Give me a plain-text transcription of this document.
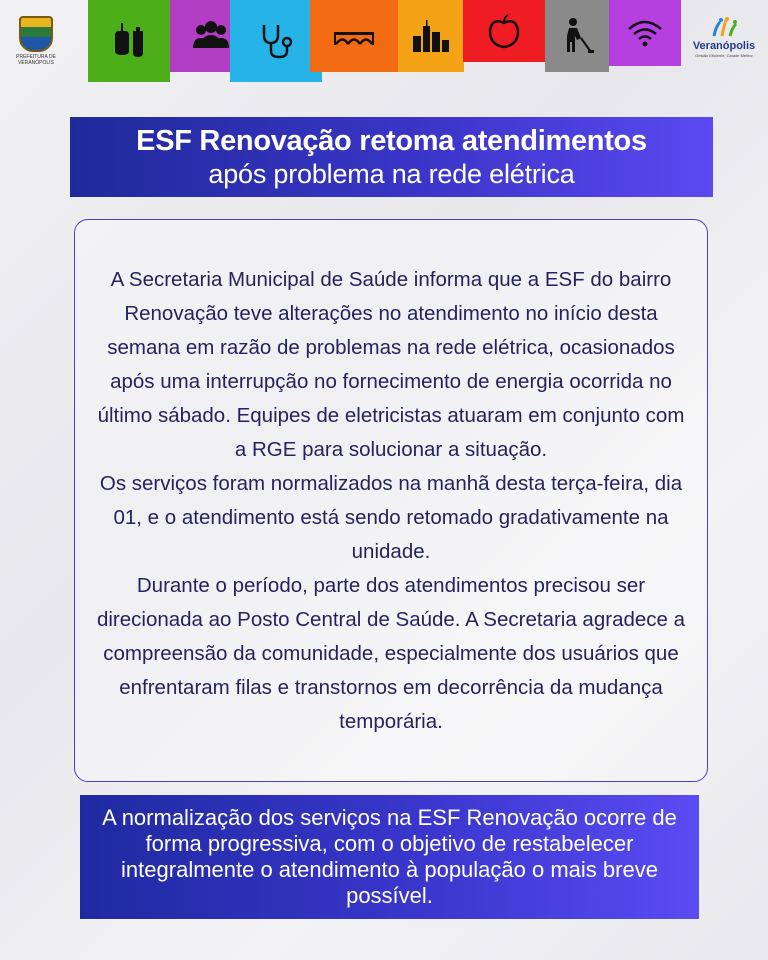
PREFEITURA DE
VERANÓPOLIS
Veranópolis
Gestão Eficiente, Cidade Melhor
ESF Renovação retoma atendimentos
após problema na rede elétrica
A Secretaria Municipal de Saúde informa que a ESF do bairro Renovação teve alterações no atendimento no início desta semana em razão de problemas na rede elétrica, ocasionados após uma interrupção no fornecimento de energia ocorrida no último sábado. Equipes de eletricistas atuaram em conjunto com a RGE para solucionar a situação.
Os serviços foram normalizados na manhã desta terça-feira, dia 01, e o atendimento está sendo retomado gradativamente na unidade.
Durante o período, parte dos atendimentos precisou ser direcionada ao Posto Central de Saúde. A Secretaria agradece a compreensão da comunidade, especialmente dos usuários que enfrentaram filas e transtornos em decorrência da mudança temporária.
A normalização dos serviços na ESF Renovação ocorre de forma progressiva, com o objetivo de restabelecer integralmente o atendimento à população o mais breve possível.
